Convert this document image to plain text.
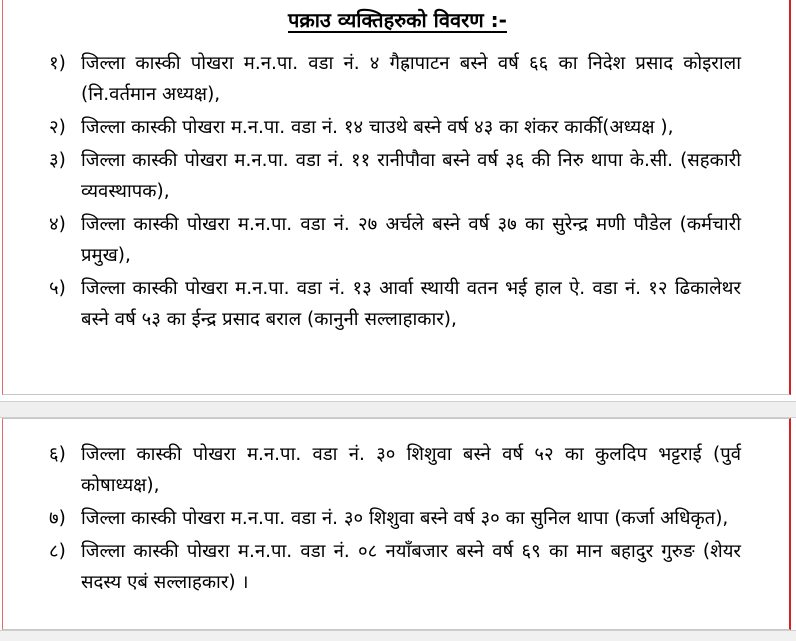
पक्राउ व्यक्तिहरुको विवरण :-
१) जिल्ला कास्की पोखरा म.न.पा. वडा नं. ४ गैह्रापाटन बस्ने वर्ष ६६ का निदेश प्रसाद कोइराला (नि.वर्तमान अध्यक्ष),
२) जिल्ला कास्की पोखरा म.न.पा. वडा नं. १४ चाउथे बस्ने वर्ष ४३ का शंकर कार्की(अध्यक्ष ),
३) जिल्ला कास्की पोखरा म.न.पा. वडा नं. ११ रानीपौवा बस्ने वर्ष ३६ की निरु थापा के.सी. (सहकारी व्यवस्थापक),
४) जिल्ला कास्की पोखरा म.न.पा. वडा नं. २७ अर्चले बस्ने वर्ष ३७ का सुरेन्द्र मणी पौडेल (कर्मचारी प्रमुख),
५) जिल्ला कास्की पोखरा म.न.पा. वडा नं. १३ आर्वा स्थायी वतन भई हाल ऐ. वडा नं. १२ ढिकालेथर बस्ने वर्ष ५३ का ईन्द्र प्रसाद बराल (कानुनी सल्लाहाकार),
६) जिल्ला कास्की पोखरा म.न.पा. वडा नं. ३० शिशुवा बस्ने वर्ष ५२ का कुलदिप भट्टराई (पुर्व कोषाध्यक्ष),
७) जिल्ला कास्की पोखरा म.न.पा. वडा नं. ३० शिशुवा बस्ने वर्ष ३० का सुनिल थापा (कर्जा अधिकृत),
८) जिल्ला कास्की पोखरा म.न.पा. वडा नं. ०८ नयाँबजार बस्ने वर्ष ६९ का मान बहादुर गुरुङ (शेयर सदस्य एबं सल्लाहकार) ।
